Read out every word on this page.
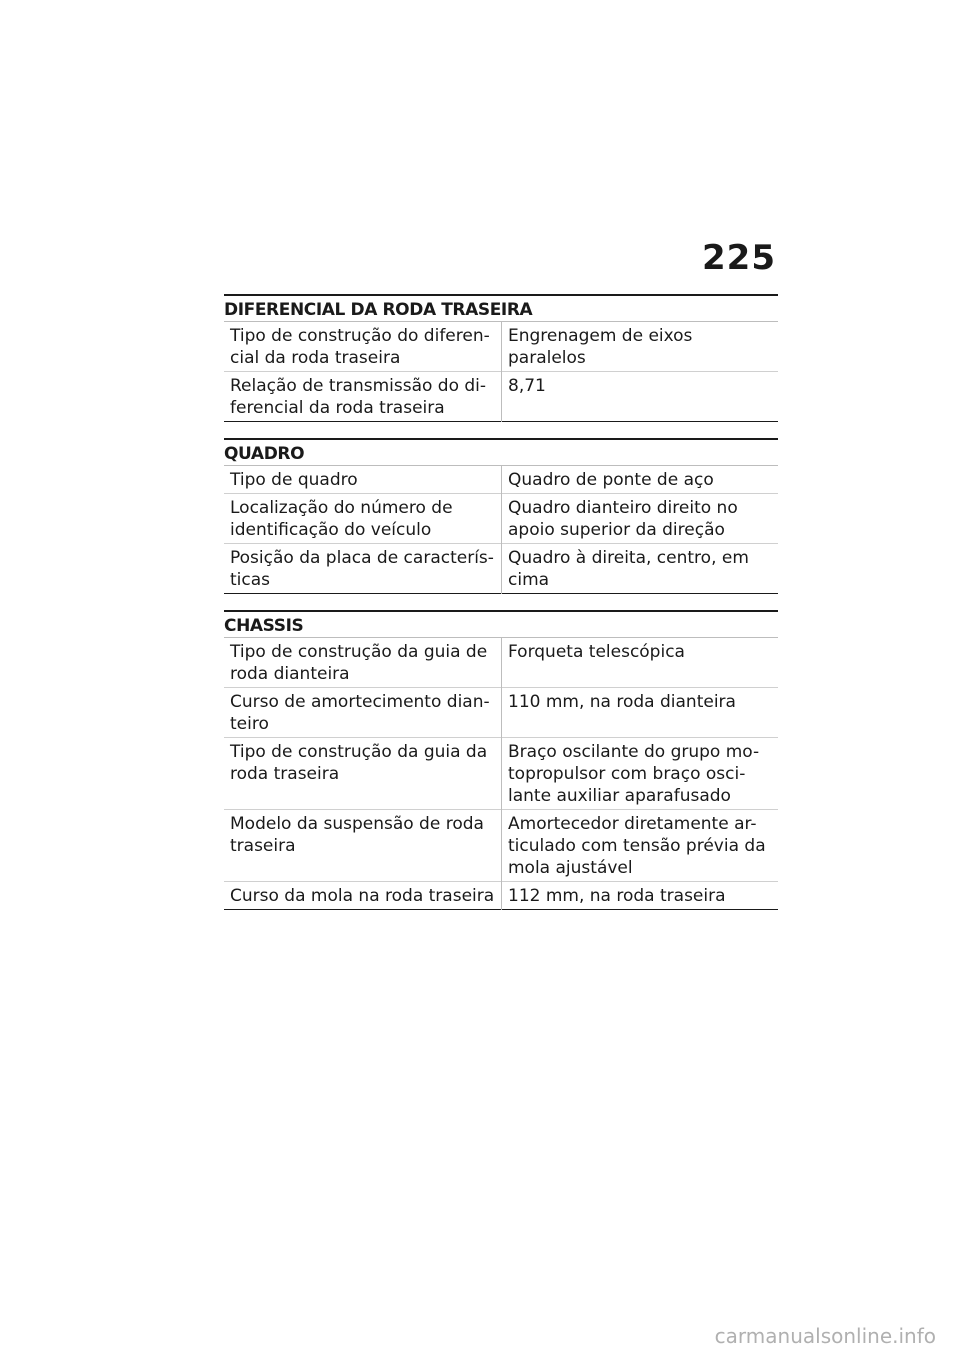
225
DIFERENCIAL DA RODA TRASEIRA
Tipo de construção do diferen-
cial da roda traseira	Engrenagem de eixos paralelos
Relação de transmissão do di-
ferencial da roda traseira	8,71
QUADRO
Tipo de quadro	Quadro de ponte de aço
Localização do número de
identificação do veículo	Quadro dianteiro direito no
apoio superior da direção
Posição da placa de caracterís-
ticas	Quadro à direita, centro, em
cima
CHASSIS
Tipo de construção da guia de
roda dianteira	Forqueta telescópica
Curso de amortecimento dian-
teiro	110 mm, na roda dianteira
Tipo de construção da guia da
roda traseira	Braço oscilante do grupo mo-
topropulsor com braço osci-
lante auxiliar aparafusado
Modelo da suspensão de roda
traseira	Amortecedor diretamente ar-
ticulado com tensão prévia da
mola ajustável
Curso da mola na roda traseira	112 mm, na roda traseira
carmanualsonline.info
